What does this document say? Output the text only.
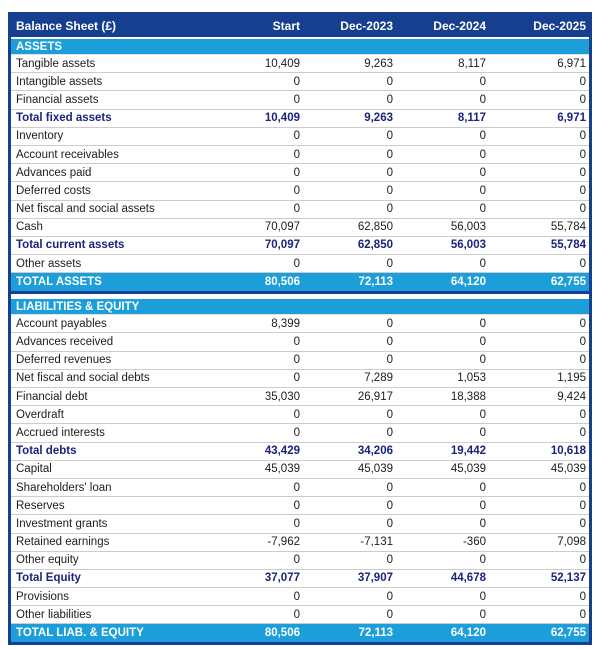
Balance Sheet (£)	Start	Dec-2023	Dec-2024	Dec-2025
ASSETS
Tangible assets	10,409	9,263	8,117	6,971
Intangible assets	0	0	0	0
Financial assets	0	0	0	0
Total fixed assets	10,409	9,263	8,117	6,971
Inventory	0	0	0	0
Account receivables	0	0	0	0
Advances paid	0	0	0	0
Deferred costs	0	0	0	0
Net fiscal and social assets	0	0	0	0
Cash	70,097	62,850	56,003	55,784
Total current assets	70,097	62,850	56,003	55,784
Other assets	0	0	0	0
TOTAL ASSETS	80,506	72,113	64,120	62,755
LIABILITIES & EQUITY
Account payables	8,399	0	0	0
Advances received	0	0	0	0
Deferred revenues	0	0	0	0
Net fiscal and social debts	0	7,289	1,053	1,195
Financial debt	35,030	26,917	18,388	9,424
Overdraft	0	0	0	0
Accrued interests	0	0	0	0
Total debts	43,429	34,206	19,442	10,618
Capital	45,039	45,039	45,039	45,039
Shareholders' loan	0	0	0	0
Reserves	0	0	0	0
Investment grants	0	0	0	0
Retained earnings	-7,962	-7,131	-360	7,098
Other equity	0	0	0	0
Total Equity	37,077	37,907	44,678	52,137
Provisions	0	0	0	0
Other liabilities	0	0	0	0
TOTAL LIAB. & EQUITY	80,506	72,113	64,120	62,755
